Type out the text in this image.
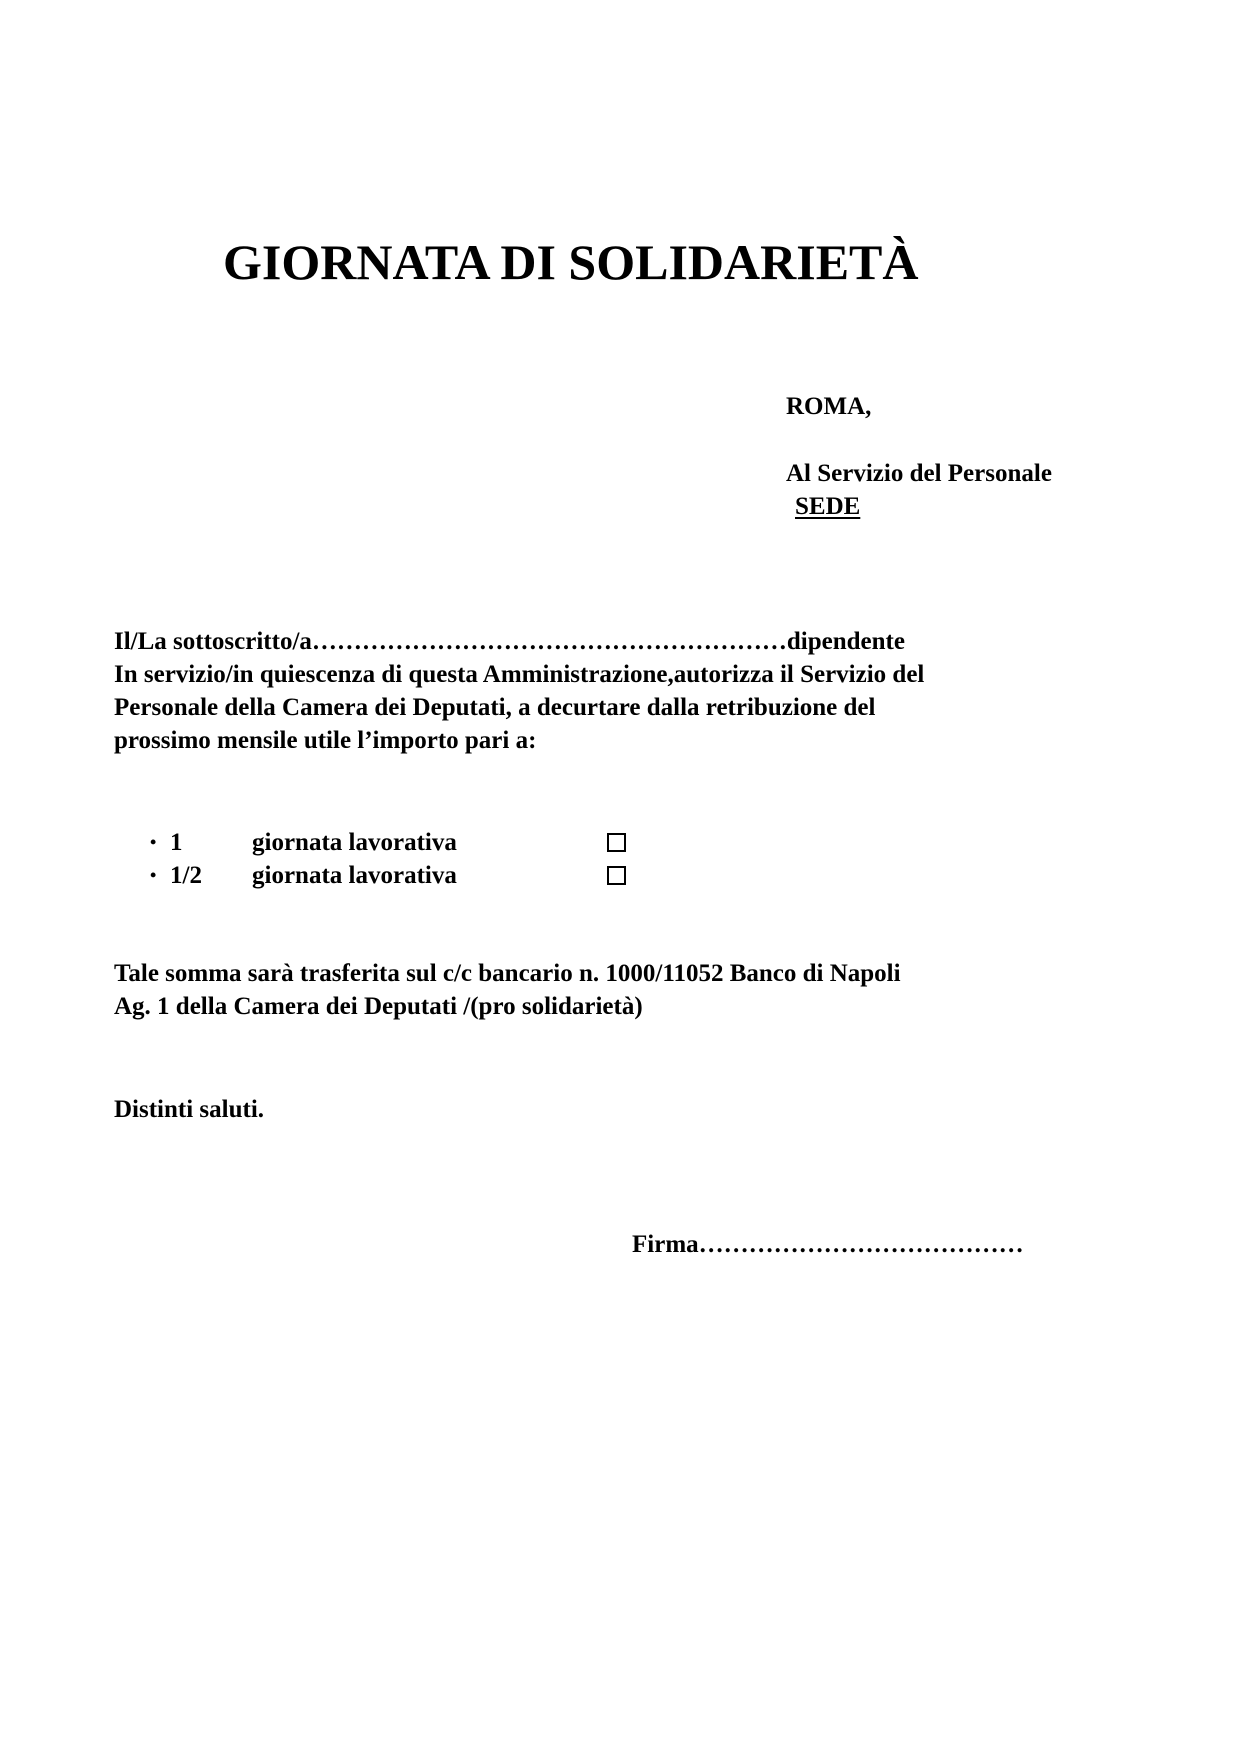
GIORNATA DI SOLIDARIETÀ
ROMA,
Al Servizio del Personale
SEDE
Il/La sottoscritto/a…………………………………………………dipendente
In servizio/in quiescenza di questa Amministrazione,autorizza il Servizio del
Personale della Camera dei Deputati, a decurtare dalla retribuzione del
prossimo mensile utile l’importo pari a:
• 1	giornata lavorativa
• 1/2 giornata lavorativa
Tale somma sarà trasferita sul c/c bancario n. 1000/11052 Banco di Napoli
Ag. 1 della Camera dei Deputati /(pro solidarietà)
Distinti saluti.
Firma…………………………………
